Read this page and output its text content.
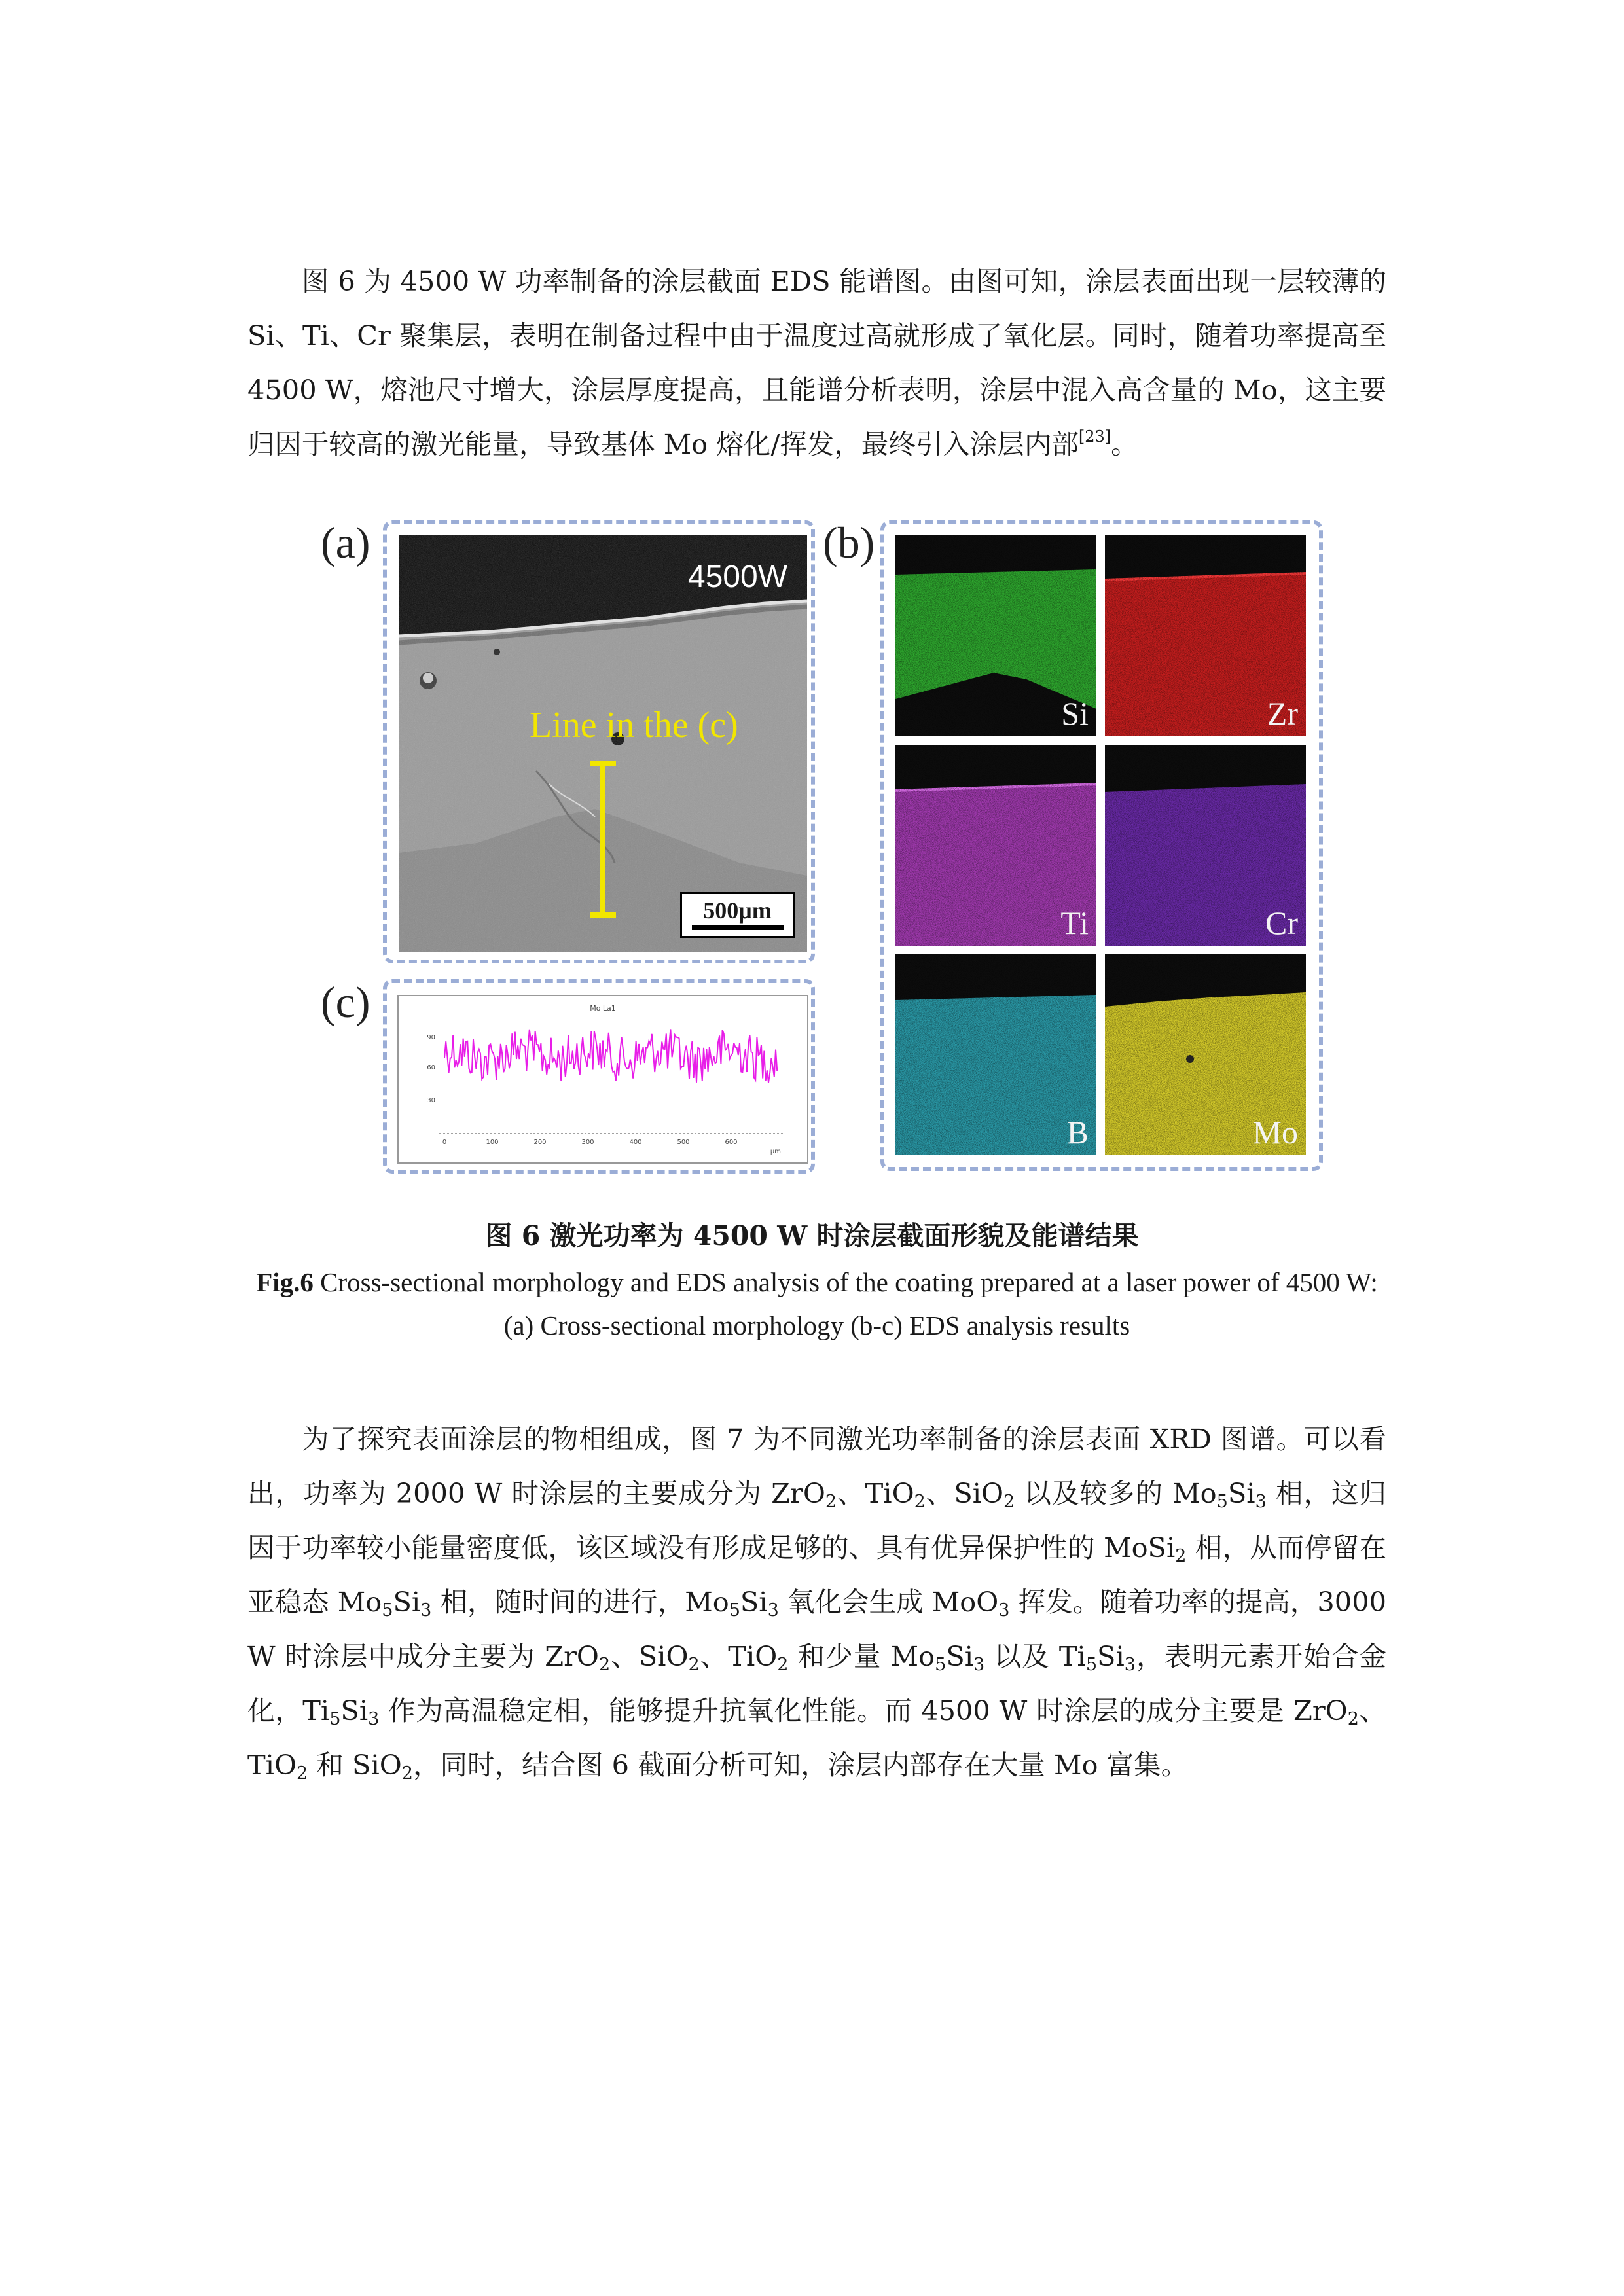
图 6 为 4500 W 功率制备的涂层截面 EDS 能谱图。由图可知，涂层表面出现一层较薄的 Si、Ti、Cr 聚集层，表明在制备过程中由于温度过高就形成了氧化层。同时，随着功率提高至 4500 W，熔池尺寸增大，涂层厚度提高，且能谱分析表明，涂层中混入高含量的 Mo，这主要归因于较高的激光能量，导致基体 Mo 熔化/挥发，最终引入涂层内部[23]。

(a)	(b)
(c)
4500W
Line in the (c)
500μm
Si	Zr
Ti	Cr
B	Mo
Mo La1
90
60
30
0	100	200	300	400	500	600
μm

图 6 激光功率为 4500 W 时涂层截面形貌及能谱结果

Fig.6 Cross-sectional morphology and EDS analysis of the coating prepared at a laser power of 4500 W: (a) Cross-sectional morphology (b-c) EDS analysis results

为了探究表面涂层的物相组成，图 7 为不同激光功率制备的涂层表面 XRD 图谱。可以看出，功率为 2000 W 时涂层的主要成分为 ZrO$_2$、TiO$_2$、SiO$_2$ 以及较多的 $Mo_5Si_3$ 相，这归因于功率较小能量密度低，该区域没有形成足够的、具有优异保护性的 MoSi$_2$ 相，从而停留在亚稳态 $Mo_5Si_3$ 相，随时间的进行，$Mo_5Si_3$ 氧化会生成 MoO$_3$ 挥发。随着功率的提高，3000 W 时涂层中成分主要为 ZrO$_2$、SiO$_2$、TiO$_2$ 和少量 $Mo_5Si_3$ 以及 $Ti_5Si_3$，表明元素开始合金化，$Ti_5Si_3$ 作为高温稳定相，能够提升抗氧化性能。而 4500 W 时涂层的成分主要是 ZrO$_2$、TiO$_2$ 和 SiO$_2$，同时，结合图 6 截面分析可知，涂层内部存在大量 Mo 富集。
